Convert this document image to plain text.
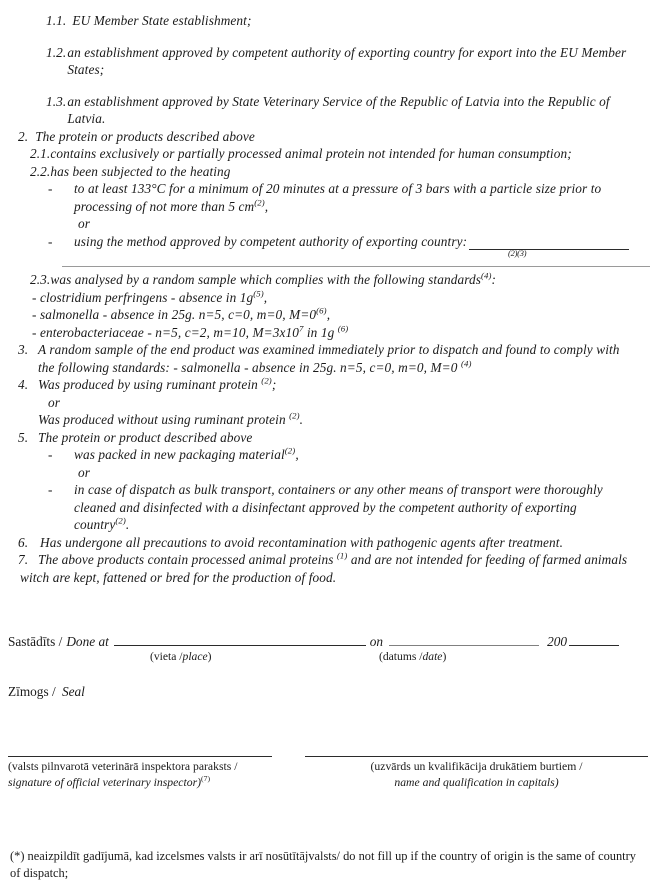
1.1. EU Member State establishment;
1.2. an establishment approved by competent authority of exporting country for export into the EU Member States;
1.3. an establishment approved by State Veterinary Service of the Republic of Latvia into the Republic of Latvia.
2. The protein or products described above
2.1. contains exclusively or partially processed animal protein not intended for human consumption;
2.2. has been subjected to the heating
-	to at least 133°C for a minimum of 20 minutes at a pressure of 3 bars with a particle size prior to processing of not more than 5 $cm^{(2)}$,
or
-	using the method approved by competent authority of exporting country:
(2)(3)
2.3. was analysed by a random sample which complies with the following standards$^{(4)}$:
- clostridium perfringens - absence in $1g^{(5)}$,
- salmonella - absence in 25g. n=5, c=0, m=0, $M=0^{(6)}$,
- enterobacteriaceae - n=5, c=2, m=10, $M=3x10^7$ in 1g $^{(6)}$
3. A random sample of the end product was examined immediately prior to dispatch and found to comply with the following standards: - salmonella - absence in 25g. n=5, c=0, m=0, M=0 $^{(4)}$
4. Was produced by using ruminant protein $^{(2)}$;
or
Was produced without using ruminant protein $^{(2)}$.
5. The protein or product described above
-	was packed in new packaging material$^{(2)}$,
or
-	in case of dispatch as bulk transport, containers or any other means of transport were thoroughly cleaned and disinfected with a disinfectant approved by the competent authority of exporting country$^{(2)}$.
6. Has undergone all precautions to avoid recontamination with pathogenic agents after treatment.
7. The above products contain processed animal proteins $^{(1)}$ and are not intended for feeding of farmed animals witch are kept, fattened or bred for the production of food.
Sastādīts / Done at	on	200
(vieta /place)	(datums /date)
Zīmogs / Seal
(valsts pilnvarotā veterinārā inspektora paraksts /
signature of official veterinary inspector)$^{(7)}$
(uzvārds un kvalifikācija drukātiem burtiem /
name and qualification in capitals)
(*) neaizpildīt gadījumā, kad izcelsmes valsts ir arī nosūtītājvalsts/ do not fill up if the country of origin is the same of country of dispatch;
